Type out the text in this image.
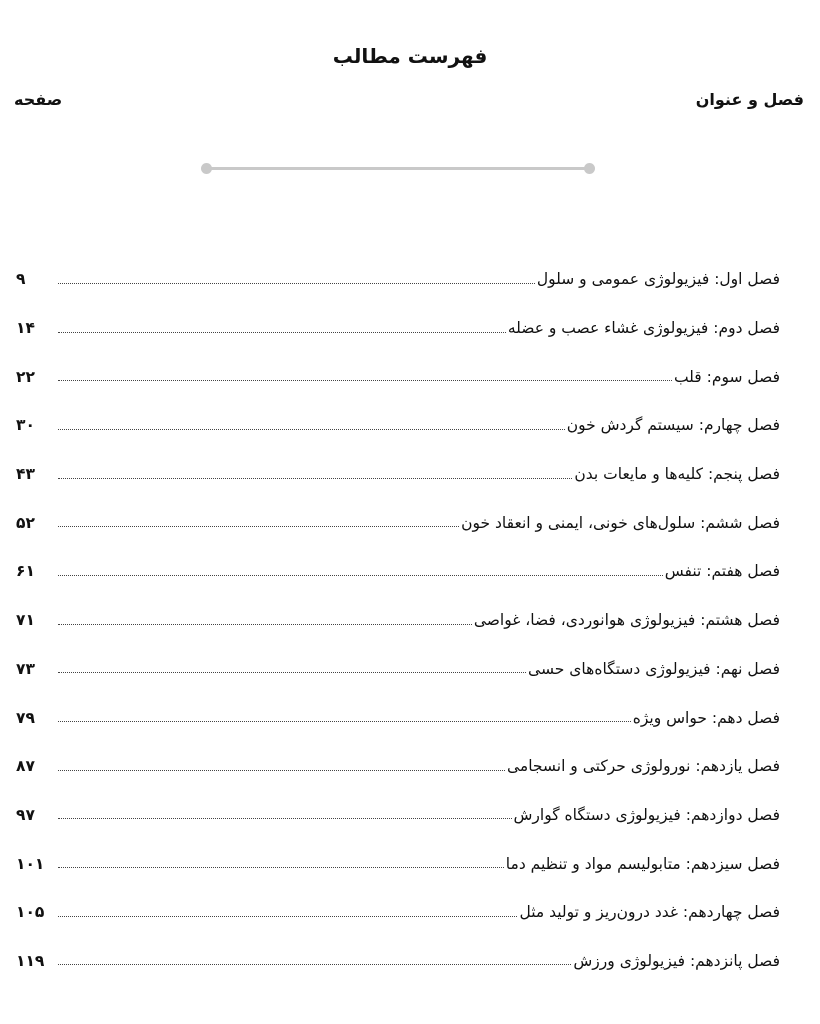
فهرست مطالب
فصل و عنوان
صفحه
فصل اول: فیزیولوژی عمومی و سلول
۹
فصل دوم: فیزیولوژی غشاء عصب و عضله
۱۴
فصل سوم: قلب
۲۲
فصل چهارم: سیستم گردش خون
۳۰
فصل پنجم: کلیه‌ها و مایعات بدن
۴۳
فصل ششم: سلول‌های خونی، ایمنی و انعقاد خون
۵۲
فصل هفتم: تنفس
۶۱
فصل هشتم: فیزیولوژی هوانوردی، فضا، غواصی
۷۱
فصل نهم: فیزیولوژی دستگاه‌های حسی
۷۳
فصل دهم: حواس ویژه
۷۹
فصل یازدهم: نورولوژی حرکتی و انسجامی
۸۷
فصل دوازدهم: فیزیولوژی دستگاه گوارش
۹۷
فصل سیزدهم: متابولیسم مواد و تنظیم دما
۱۰۱
فصل چهاردهم: غدد درون‌ریز و تولید مثل
۱۰۵
فصل پانزدهم: فیزیولوژی ورزش
۱۱۹
